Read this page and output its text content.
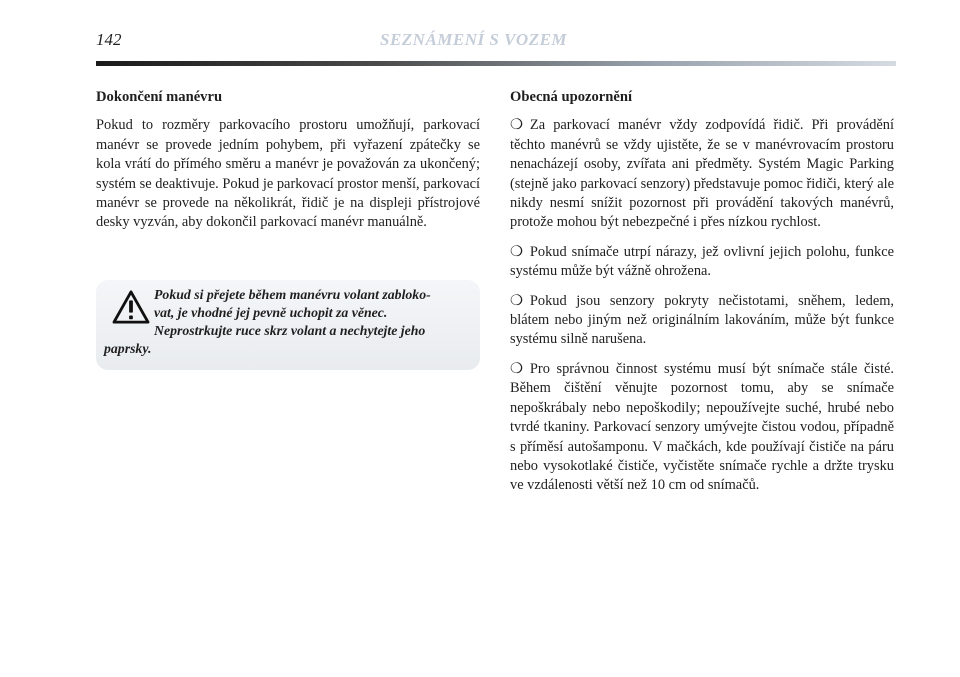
142	SEZNÁMENÍ S VOZEM

Dokončení manévru

Pokud to rozměry parkovacího prostoru umožňují, parkovací manévr se provede jedním pohybem, při vyřazení zpátečky se kola vrátí do přímého směru a manévr je považován za ukončený; systém se deaktivuje. Pokud je parkovací prostor menší, parkovací manévr se provede na několikrát, řidič je na displeji přístrojové desky vyzván, aby dokončil parkovací manévr manuálně.

Pokud si přejete během manévru volant zabloko-
vat, je vhodné jej pevně uchopit za věnec.
Neprostrkujte ruce skrz volant a nechytejte jeho
paprsky.

Obecná upozornění

❍ Za parkovací manévr vždy zodpovídá řidič. Při provádění těchto manévrů se vždy ujistěte, že se v manévrovacím prostoru nenacházejí osoby, zvířata ani předměty. Systém Magic Parking (stejně jako parkovací senzory) představuje pomoc řidiči, který ale nikdy nesmí snížit pozornost při provádění takových manévrů, protože mohou být nebezpečné i přes nízkou rychlost.

❍ Pokud snímače utrpí nárazy, jež ovlivní jejich polohu, funkce systému může být vážně ohrožena.

❍ Pokud jsou senzory pokryty nečistotami, sněhem, ledem, blátem nebo jiným než originálním lakováním, může být funkce systému silně narušena.

❍ Pro správnou činnost systému musí být snímače stále čisté. Během čištění věnujte pozornost tomu, aby se snímače nepoškrábaly nebo nepoškodily; nepoužívejte suché, hrubé nebo tvrdé tkaniny. Parkovací senzory umývejte čistou vodou, případně s příměsí autošamponu. V mačkách, kde používají čističe na páru nebo vysokotlaké čističe, vyčistěte snímače rychle a držte trysku ve vzdálenosti větší než 10 cm od snímačů.
